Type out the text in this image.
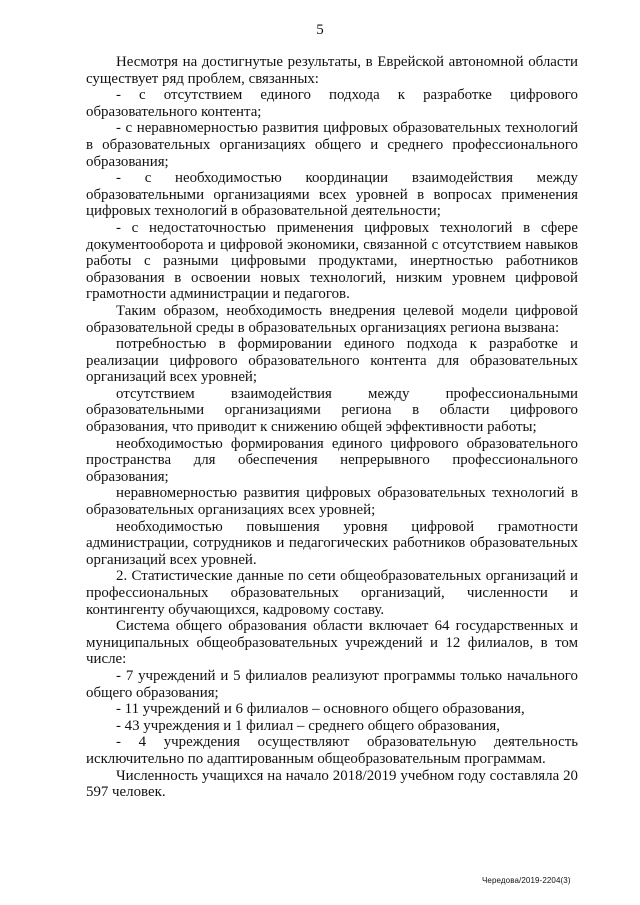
5

Несмотря на достигнутые результаты, в Еврейской автономной области существует ряд проблем, связанных:

- с отсутствием единого подхода к разработке цифрового образовательного контента;

- с неравномерностью развития цифровых образовательных технологий в образовательных организациях общего и среднего профессионального образования;

- с необходимостью координации взаимодействия между образовательными организациями всех уровней в вопросах применения цифровых технологий в образовательной деятельности;

- с недостаточностью применения цифровых технологий в сфере документооборота и цифровой экономики, связанной с отсутствием навыков работы с разными цифровыми продуктами, инертностью работников образования в освоении новых технологий, низким уровнем цифровой грамотности администрации и педагогов.

Таким образом, необходимость внедрения целевой модели цифровой образовательной среды в образовательных организациях региона вызвана:

потребностью в формировании единого подхода к разработке и реализации цифрового образовательного контента для образовательных организаций всех уровней;

отсутствием взаимодействия между профессиональными образовательными организациями региона в области цифрового образования, что приводит к снижению общей эффективности работы;

необходимостью формирования единого цифрового образовательного пространства для обеспечения непрерывного профессионального образования;

неравномерностью развития цифровых образовательных технологий в образовательных организациях всех уровней;

необходимостью повышения уровня цифровой грамотности администрации, сотрудников и педагогических работников образовательных организаций всех уровней.

2. Статистические данные по сети общеобразовательных организаций и профессиональных образовательных организаций, численности и контингенту обучающихся, кадровому составу.

Система общего образования области включает 64 государственных и муниципальных общеобразовательных учреждений и 12 филиалов, в том числе:

- 7 учреждений и 5 филиалов реализуют программы только начального общего образования;

- 11 учреждений и 6 филиалов – основного общего образования,

- 43 учреждения и 1 филиал – среднего общего образования,

- 4 учреждения осуществляют образовательную деятельность исключительно по адаптированным общеобразовательным программам.

Численность учащихся на начало 2018/2019 учебном году составляла 20 597 человек.

Чередова/2019-2204(3)
